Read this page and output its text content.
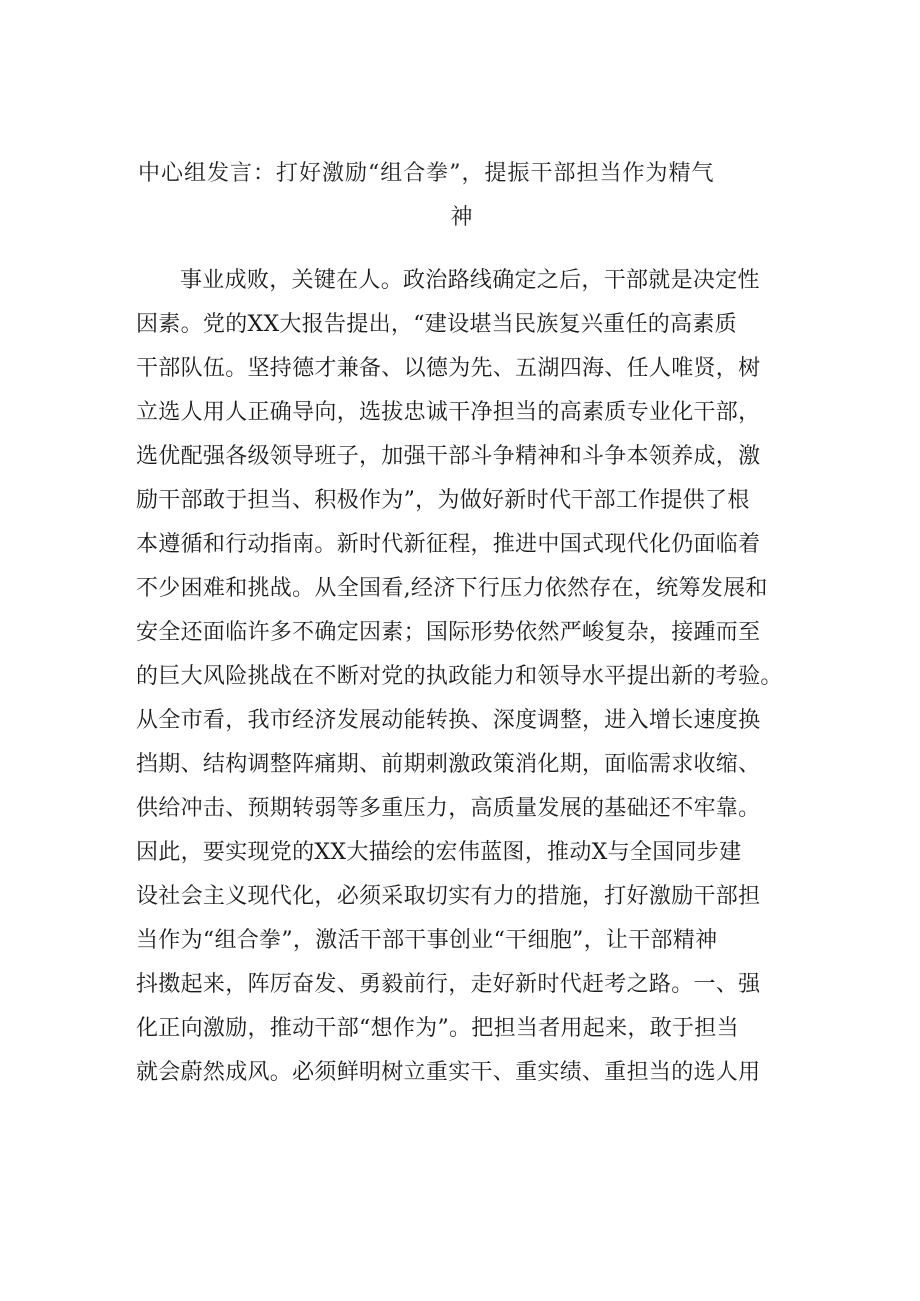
中心组发言：打好激励“组合拳”，提振干部担当作为精气
神
事业成败，关键在人。政治路线确定之后，干部就是决定性
因素。党的XX大报告提出，“建设堪当民族复兴重任的高素质
干部队伍。坚持德才兼备、以德为先、五湖四海、任人唯贤，树
立选人用人正确导向，选拔忠诚干净担当的高素质专业化干部，
选优配强各级领导班子，加强干部斗争精神和斗争本领养成，激
励干部敢于担当、积极作为”，为做好新时代干部工作提供了根
本遵循和行动指南。新时代新征程，推进中国式现代化仍面临着
不少困难和挑战。从全国看,经济下行压力依然存在，统筹发展和
安全还面临许多不确定因素；国际形势依然严峻复杂，接踵而至
的巨大风险挑战在不断对党的执政能力和领导水平提出新的考验。
从全市看，我市经济发展动能转换、深度调整，进入增长速度换
挡期、结构调整阵痛期、前期刺激政策消化期，面临需求收缩、
供给冲击、预期转弱等多重压力，高质量发展的基础还不牢靠。
因此，要实现党的XX大描绘的宏伟蓝图，推动X与全国同步建
设社会主义现代化，必须采取切实有力的措施，打好激励干部担
当作为“组合拳”，激活干部干事创业“干细胞”，让干部精神
抖擞起来，阵厉奋发、勇毅前行，走好新时代赶考之路。一、强
化正向激励，推动干部“想作为”。把担当者用起来，敢于担当
就会蔚然成风。必须鲜明树立重实干、重实绩、重担当的选人用
